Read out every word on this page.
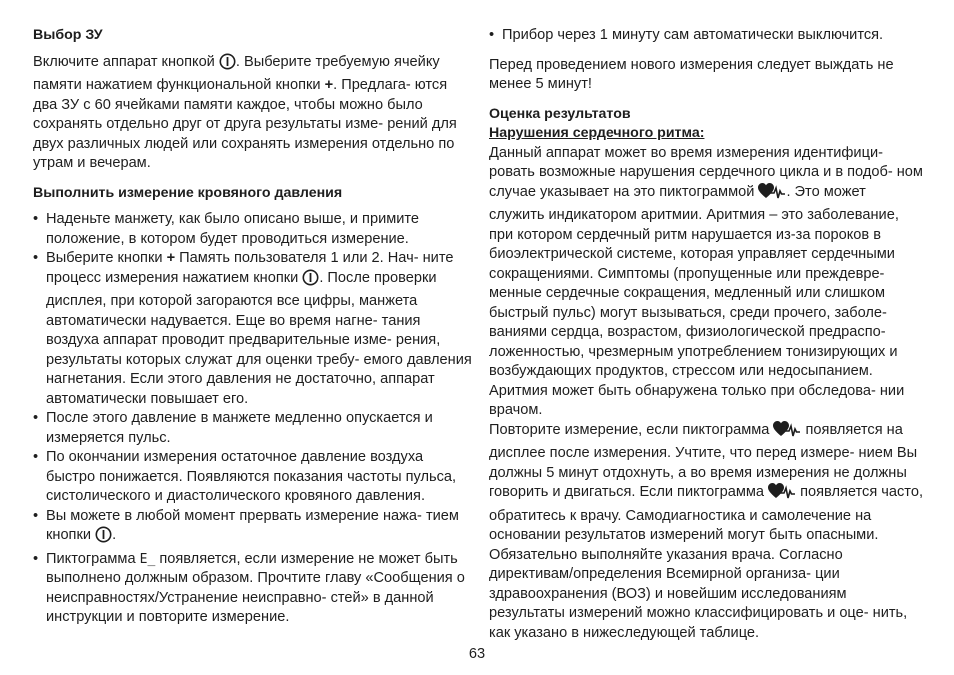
Выбор ЗУ

Включите аппарат кнопкой . Выберите требуемую ячейку памяти нажатием функциональной кнопки +. Предлага- ются два ЗУ с 60 ячейками памяти каждое, чтобы можно было сохранять отдельно друг от друга результаты изме- рений для двух различных людей или сохранять измерения отдельно по утрам и вечерам.

Выполнить измерение кровяного давления

• Наденьте манжету, как было описано выше, и примите положение, в котором будет проводиться измерение.
• Выберите кнопки + Память пользователя 1 или 2. Нач- ните процесс измерения нажатием кнопки . После проверки дисплея, при которой загораются все цифры, манжета автоматически надувается. Еще во время нагне- тания воздуха аппарат проводит предварительные изме- рения, результаты которых служат для оценки требу- емого давления нагнетания. Если этого давления не достаточно, аппарат автоматически повышает его.
• После этого давление в манжете медленно опускается и измеряется пульс.
• По окончании измерения остаточное давление воздуха быстро понижается. Появляются показания частоты пульса, систолического и диастолического кровяного давления.
• Вы можете в любой момент прервать измерение нажа- тием кнопки .
• Пиктограмма E_ появляется, если измерение не может быть выполнено должным образом. Прочтите главу «Сообщения о неисправностях/Устранение неисправно- стей» в данной инструкции и повторите измерение.
• Прибор через 1 минуту сам автоматически выключится.

Перед проведением нового измерения следует выждать не менее 5 минут!

Оценка результатов

Нарушения сердечного ритма:

Данный аппарат может во время измерения идентифици- ровать возможные нарушения сердечного цикла и в подоб- ном случае указывает на это пиктограммой . Это может служить индикатором аритмии. Аритмия – это заболевание, при котором сердечный ритм нарушается из-за пороков в биоэлектрической системе, которая управляет сердечными сокращениями. Симптомы (пропущенные или преждевре- менные сердечные сокращения, медленный или слишком быстрый пульс) могут вызываться, среди прочего, заболе- ваниями сердца, возрастом, физиологической предраспо- ложенностью, чрезмерным употреблением тонизирующих и возбуждающих продуктов, стрессом или недосыпанием. Аритмия может быть обнаружена только при обследова- нии врачом.

Повторите измерение, если пиктограмма  появляется на дисплее после измерения. Учтите, что перед измере- нием Вы должны 5 минут отдохнуть, а во время измерения не должны говорить и двигаться. Если пиктограмма  появляется часто, обратитесь к врачу. Самодиагностика и самолечение на основании результатов измерений могут быть опасными. Обязательно выполняйте указания врача. Согласно директивам/определения Всемирной организа- ции здравоохранения (ВОЗ) и новейшим исследованиям результаты измерений можно классифицировать и оце- нить, как указано в нижеследующей таблице.

63
